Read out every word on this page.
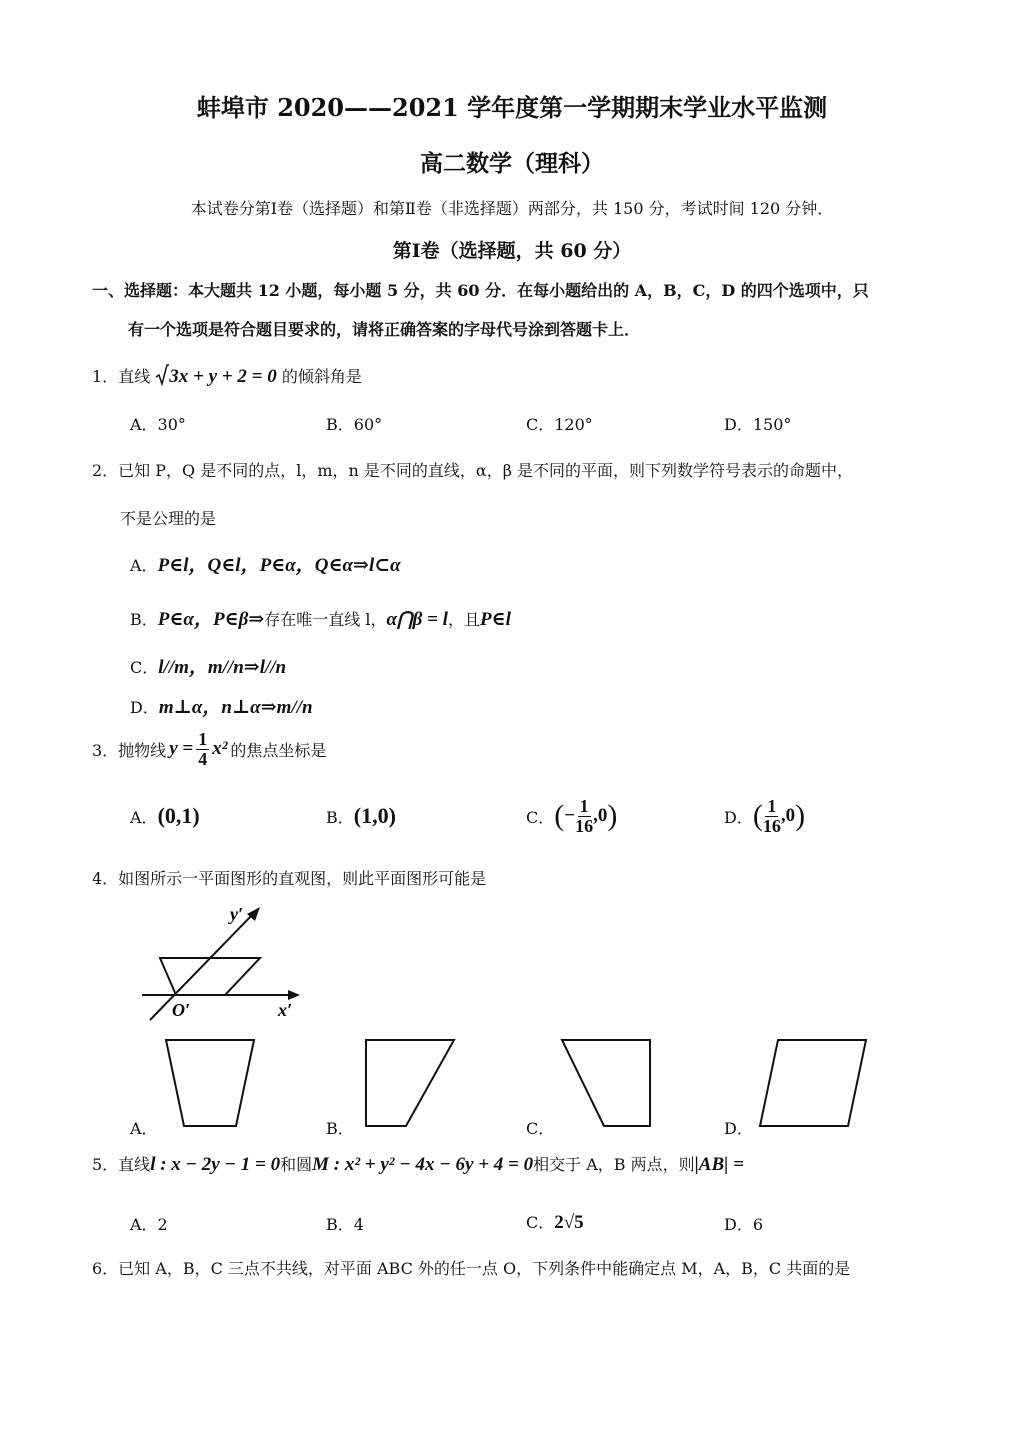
蚌埠市 2020——2021 学年度第一学期期末学业水平监测
高二数学（理科）
本试卷分第Ⅰ卷（选择题）和第Ⅱ卷（非选择题）两部分，共 150 分，考试时间 120 分钟．
第Ⅰ卷（选择题，共 60 分）
一、选择题：本大题共 12 小题，每小题 5 分，共 60 分．在每小题给出的 A，B，C，D 的四个选项中，只
有一个选项是符合题目要求的，请将正确答案的字母代号涂到答题卡上．
1．直线 3x + y + 2 = 0 的倾斜角是
A．30°	B．60°	C．120°	D．150°
2．已知 P，Q 是不同的点，l，m，n 是不同的直线，α，β 是不同的平面，则下列数学符号表示的命题中，
不是公理的是
A．P∈l，Q∈l，P∈α，Q∈α⇒l⊂α
B．P∈α，P∈β⇒存在唯一直线 l，α⋂β = l，且P∈l
C．l//m，m//n⇒l//n
D．m⊥α，n⊥α⇒m//n
3．抛物线 $y = \frac{1}{4} x^2$ 的焦点坐标是
A． (0,1)	B． (1,0)	C． ( − $\frac{1}{16} ,0$ )	D． ( $\frac{1}{16} ,0$ )
4．如图所示一平面图形的直观图，则此平面图形可能是
y′
x′
O′
A．	B．	C．	D．
5．直线l : x − 2y − 1 = 0和圆M : x² + y² − 4x − 6y + 4 = 0相交于 A，B 两点，则|AB| =
A．2	B．4	C．2√5	D．6
6．已知 A，B，C 三点不共线，对平面 ABC 外的任一点 O，下列条件中能确定点 M，A，B，C 共面的是
